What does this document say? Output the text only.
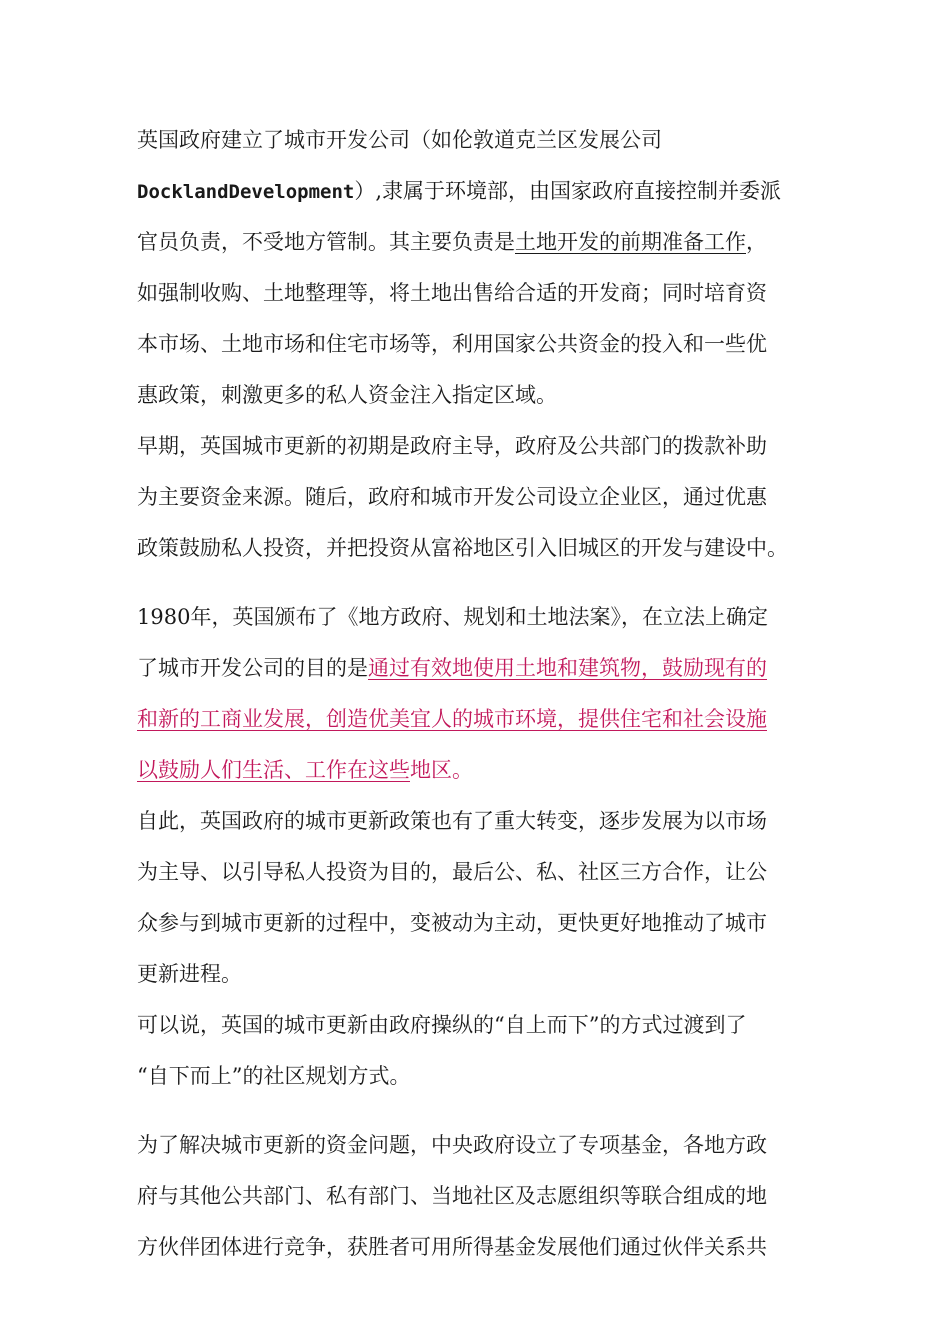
英国政府建立了城市开发公司（如伦敦道克兰区发展公司
DocklandDevelopment）,隶属于环境部，由国家政府直接控制并委派
官员负责，不受地方管制。其主要负责是土地开发的前期准备工作，
如强制收购、土地整理等，将土地出售给合适的开发商；同时培育资
本市场、土地市场和住宅市场等，利用国家公共资金的投入和一些优
惠政策，刺激更多的私人资金注入指定区域。
早期，英国城市更新的初期是政府主导，政府及公共部门的拨款补助
为主要资金来源。随后，政府和城市开发公司设立企业区，通过优惠
政策鼓励私人投资，并把投资从富裕地区引入旧城区的开发与建设中。
1980年，英国颁布了《地方政府、规划和土地法案》，在立法上确定
了城市开发公司的目的是通过有效地使用土地和建筑物，鼓励现有的
和新的工商业发展，创造优美宜人的城市环境，提供住宅和社会设施
以鼓励人们生活、工作在这些地区。
自此，英国政府的城市更新政策也有了重大转变，逐步发展为以市场
为主导、以引导私人投资为目的，最后公、私、社区三方合作，让公
众参与到城市更新的过程中，变被动为主动，更快更好地推动了城市
更新进程。
可以说，英国的城市更新由政府操纵的“自上而下”的方式过渡到了
“自下而上”的社区规划方式。
为了解决城市更新的资金问题，中央政府设立了专项基金，各地方政
府与其他公共部门、私有部门、当地社区及志愿组织等联合组成的地
方伙伴团体进行竞争，获胜者可用所得基金发展他们通过伙伴关系共
